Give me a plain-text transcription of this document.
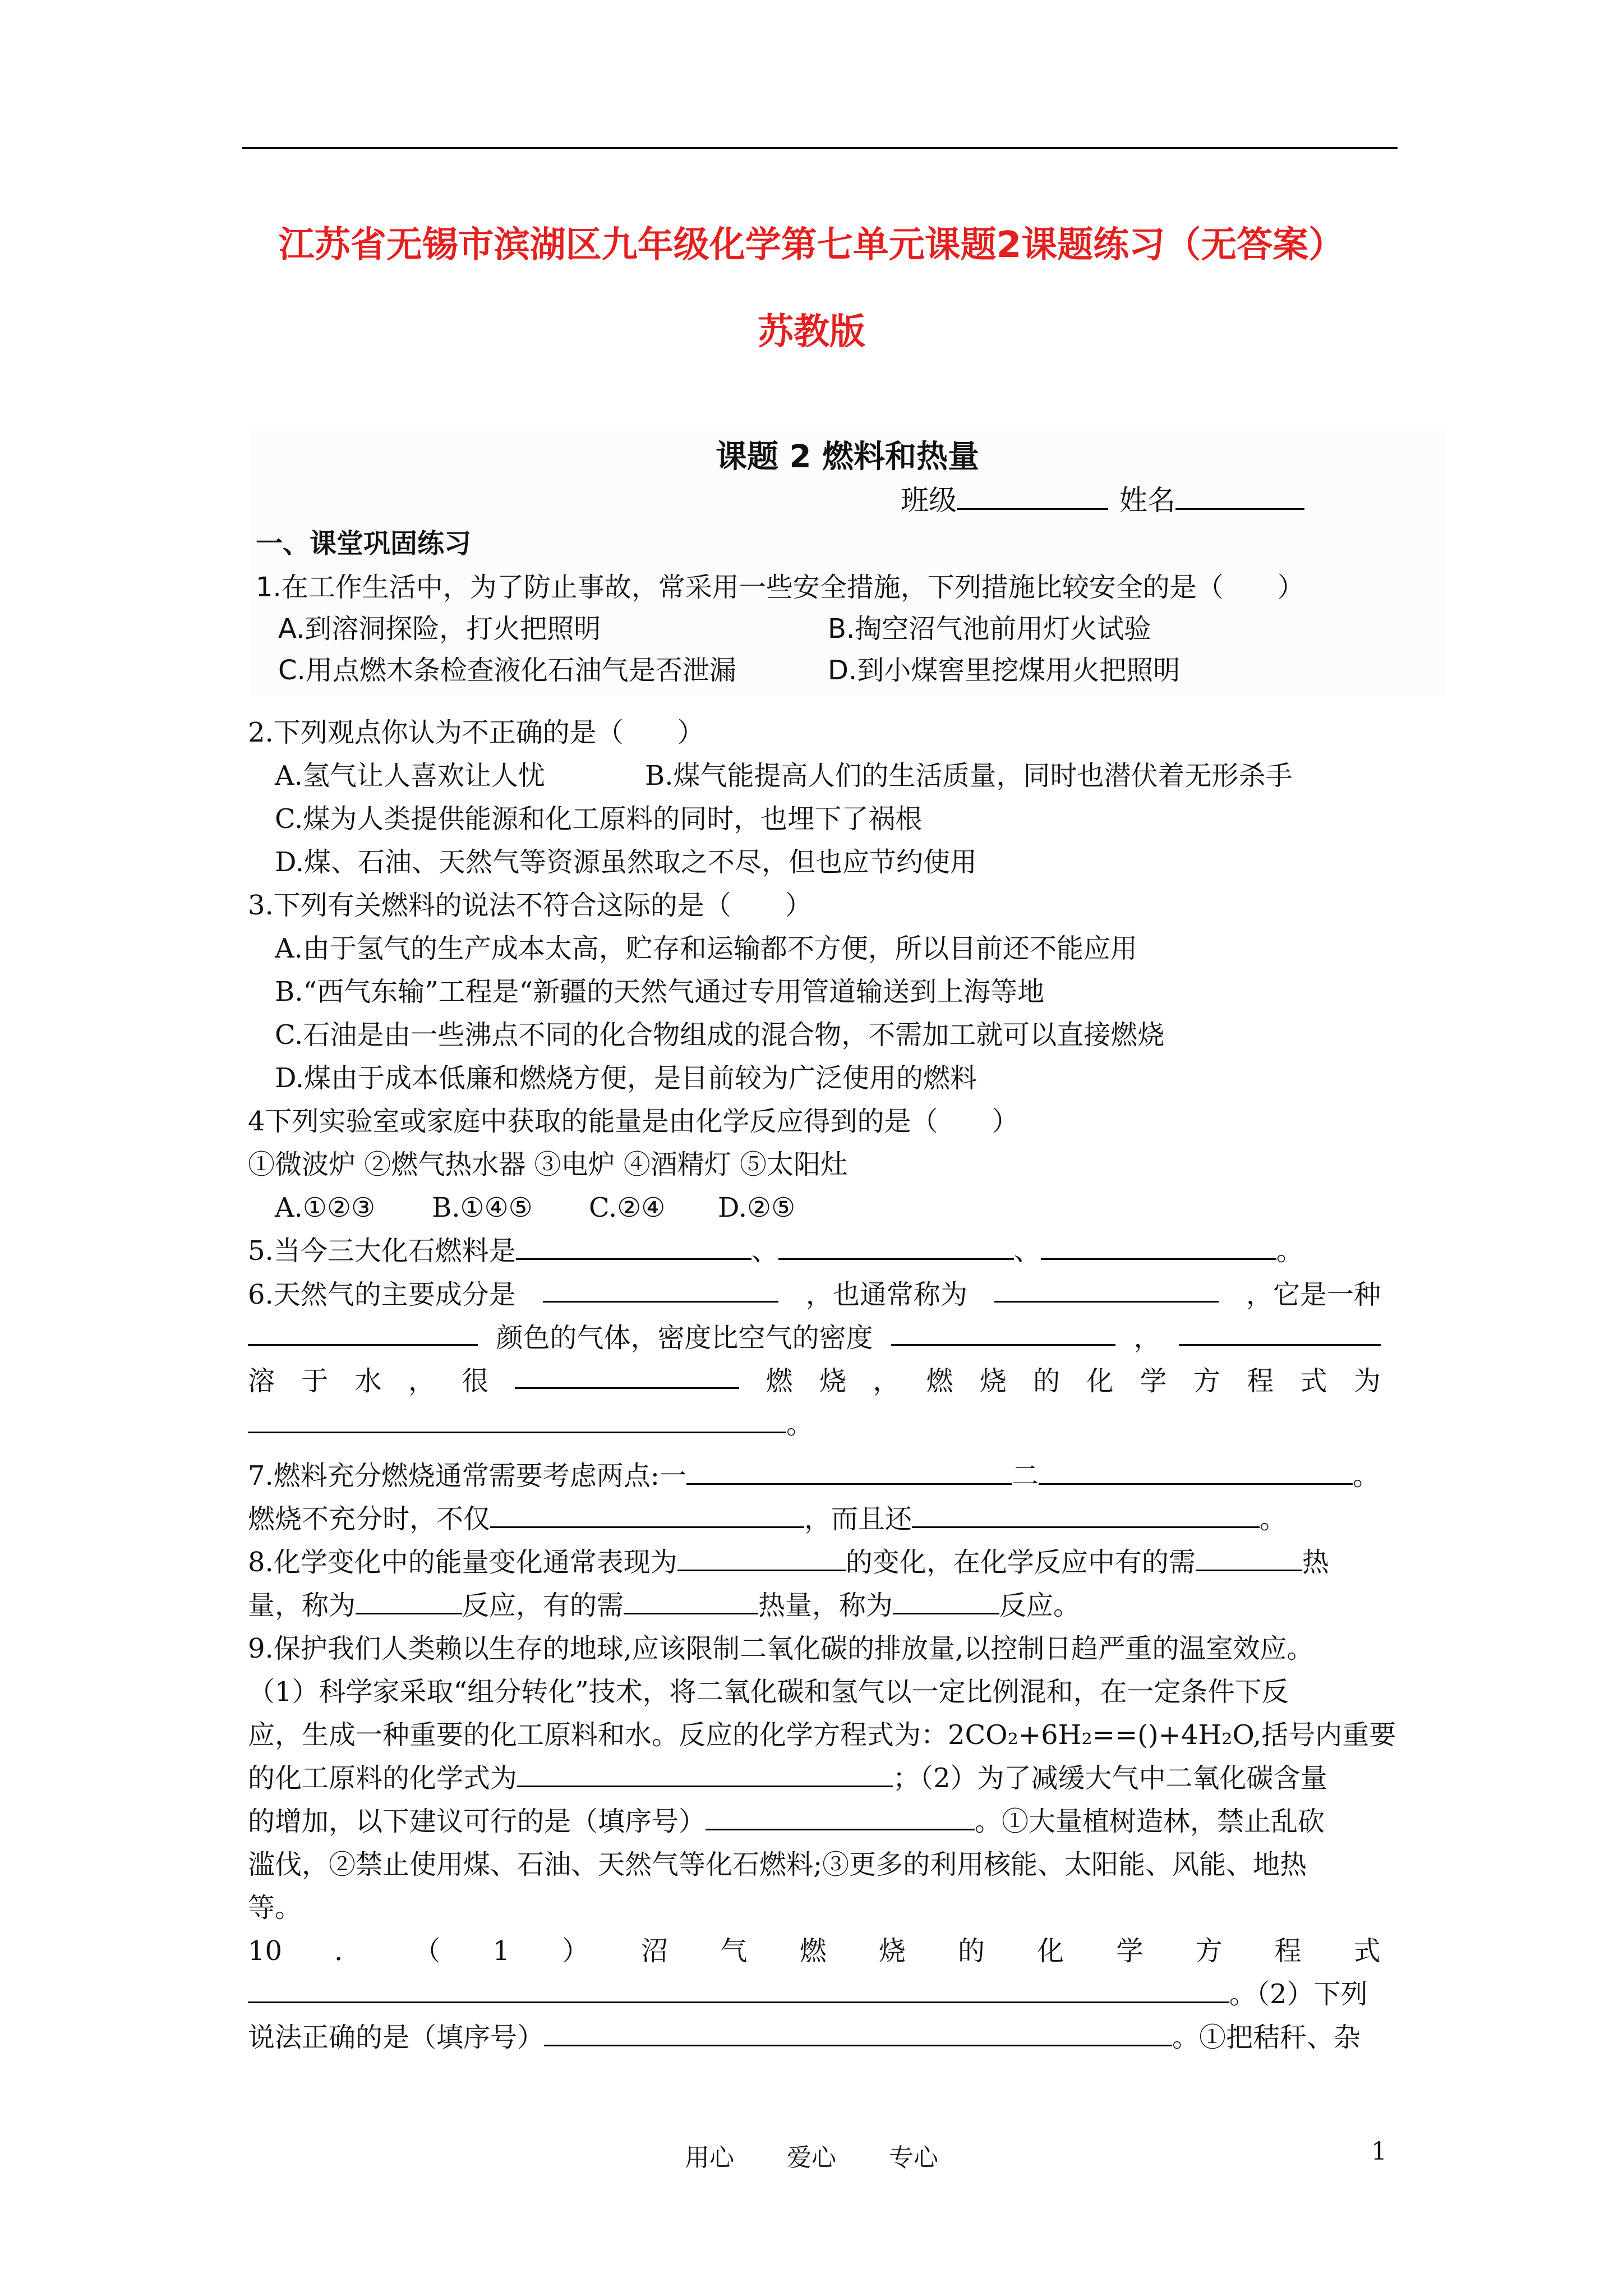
江苏省无锡市滨湖区九年级化学第七单元课题2课题练习（无答案）
苏教版
课题 2 燃料和热量
班级	姓名
一、课堂巩固练习
1.在工作生活中，为了防止事故，常采用一些安全措施，下列措施比较安全的是（　　）
A.到溶洞探险，打火把照明	B.掏空沼气池前用灯火试验
C.用点燃木条检查液化石油气是否泄漏	D.到小煤窖里挖煤用火把照明
2.下列观点你认为不正确的是（　　）
A.氢气让人喜欢让人忧	B.煤气能提高人们的生活质量，同时也潜伏着无形杀手
C.煤为人类提供能源和化工原料的同时，也埋下了祸根
D.煤、石油、天然气等资源虽然取之不尽，但也应节约使用
3.下列有关燃料的说法不符合这际的是（　　）
A.由于氢气的生产成本太高，贮存和运输都不方便，所以目前还不能应用
B.“西气东输”工程是“新疆的天然气通过专用管道输送到上海等地
C.石油是由一些沸点不同的化合物组成的混合物，不需加工就可以直接燃烧
D.煤由于成本低廉和燃烧方便，是目前较为广泛使用的燃料
4下列实验室或家庭中获取的能量是由化学反应得到的是（　　）
①微波炉 ②燃气热水器 ③电炉 ④酒精灯 ⑤太阳灶
A.①②③ B.①④⑤ C.②④ D.②⑤
5.当今三大化石燃料是	、	、	。
6.天然气的主要成分是	，也通常称为	，它是一种
颜色的气体，密度比空气的密度	，
溶 于 水 ， 很	燃 烧 ， 燃 烧 的 化 学 方 程 式 为
。
7.燃料充分燃烧通常需要考虑两点:一	二	。
燃烧不充分时，不仅	，而且还	。
8.化学变化中的能量变化通常表现为	的变化，在化学反应中有的需	热
量，称为	反应，有的需	热量，称为	反应。
9.保护我们人类赖以生存的地球,应该限制二氧化碳的排放量,以控制日趋严重的温室效应。
（1）科学家采取“组分转化”技术，将二氧化碳和氢气以一定比例混和，在一定条件下反
应，生成一种重要的化工原料和水。反应的化学方程式为：2CO₂+6H₂==()+4H₂O,括号内重要
的化工原料的化学式为	；（2）为了减缓大气中二氧化碳含量
的增加，以下建议可行的是（填序号）	。①大量植树造林，禁止乱砍
滥伐，②禁止使用煤、石油、天然气等化石燃料;③更多的利用核能、太阳能、风能、地热
等。
10 ． （ 1 ） 沼 气 燃 烧 的 化 学 方 程 式
。（2）下列
说法正确的是（填序号）	。①把秸秆、杂
用心 爱心 专心	1
